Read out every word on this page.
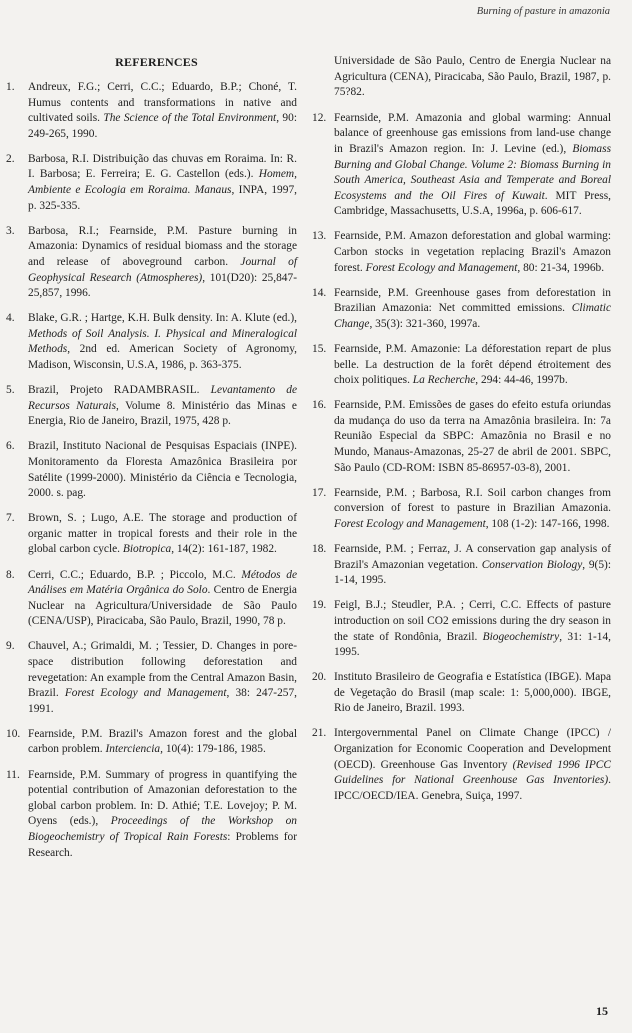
Burning of pasture in amazonia
REFERENCES
1.	Andreux, F.G.; Cerri, C.C.; Eduardo, B.P.; Choné, T. Humus contents and transformations in native and cultivated soils. The Science of the Total Environment, 90: 249-265, 1990.
2.	Barbosa, R.I. Distribuição das chuvas em Roraima. In: R. I. Barbosa; E. Ferreira; E. G. Castellon (eds.). Homem, Ambiente e Ecologia em Roraima. Manaus, INPA, 1997, p. 325-335.
3.	Barbosa, R.I.; Fearnside, P.M. Pasture burning in Amazonia: Dynamics of residual biomass and the storage and release of aboveground carbon. Journal of Geophysical Research (Atmospheres), 101(D20): 25,847-25,857, 1996.
4.	Blake, G.R. ; Hartge, K.H. Bulk density. In: A. Klute (ed.), Methods of Soil Analysis. I. Physical and Mineralogical Methods, 2nd ed. American Society of Agronomy, Madison, Wisconsin, U.S.A, 1986, p. 363-375.
5.	Brazil, Projeto RADAMBRASIL. Levantamento de Recursos Naturais, Volume 8. Ministério das Minas e Energia, Rio de Janeiro, Brazil, 1975, 428 p.
6.	Brazil, Instituto Nacional de Pesquisas Espaciais (INPE). Monitoramento da Floresta Amazônica Brasileira por Satélite (1999-2000). Ministério da Ciência e Tecnologia, 2000. s. pag.
7.	Brown, S. ; Lugo, A.E. The storage and production of organic matter in tropical forests and their role in the global carbon cycle. Biotropica, 14(2): 161-187, 1982.
8.	Cerri, C.C.; Eduardo, B.P. ; Piccolo, M.C. Métodos de Análises em Matéria Orgânica do Solo. Centro de Energia Nuclear na Agricultura/Universidade de São Paulo (CENA/USP), Piracicaba, São Paulo, Brazil, 1990, 78 p.
9.	Chauvel, A.; Grimaldi, M. ; Tessier, D. Changes in pore-space distribution following deforestation and revegetation: An example from the Central Amazon Basin, Brazil. Forest Ecology and Management, 38: 247-257, 1991.
10. Fearnside, P.M. Brazil's Amazon forest and the global carbon problem. Interciencia, 10(4): 179-186, 1985.
11. Fearnside, P.M. Summary of progress in quantifying the potential contribution of Amazonian deforestation to the global carbon problem. In: D. Athié; T.E. Lovejoy; P. M. Oyens (eds.), Proceedings of the Workshop on Biogeochemistry of Tropical Rain Forests: Problems for Research.
Universidade de São Paulo, Centro de Energia Nuclear na Agricultura (CENA), Piracicaba, São Paulo, Brazil, 1987, p. 75?82.
12. Fearnside, P.M. Amazonia and global warming: Annual balance of greenhouse gas emissions from land-use change in Brazil's Amazon region. In: J. Levine (ed.), Biomass Burning and Global Change. Volume 2: Biomass Burning in South America, Southeast Asia and Temperate and Boreal Ecosystems and the Oil Fires of Kuwait. MIT Press, Cambridge, Massachusetts, U.S.A, 1996a, p. 606-617.
13. Fearnside, P.M. Amazon deforestation and global warming: Carbon stocks in vegetation replacing Brazil's Amazon forest. Forest Ecology and Management, 80: 21-34, 1996b.
14. Fearnside, P.M. Greenhouse gases from deforestation in Brazilian Amazonia: Net committed emissions. Climatic Change, 35(3): 321-360, 1997a.
15. Fearnside, P.M. Amazonie: La déforestation repart de plus belle. La destruction de la forêt dépend étroitement des choix politiques. La Recherche, 294: 44-46, 1997b.
16. Fearnside, P.M. Emissões de gases do efeito estufa oriundas da mudança do uso da terra na Amazônia brasileira. In: 7a Reunião Especial da SBPC: Amazônia no Brasil e no Mundo, Manaus-Amazonas, 25-27 de abril de 2001. SBPC, São Paulo (CD-ROM: ISBN 85-86957-03-8), 2001.
17. Fearnside, P.M. ; Barbosa, R.I. Soil carbon changes from conversion of forest to pasture in Brazilian Amazonia. Forest Ecology and Management, 108 (1-2): 147-166, 1998.
18. Fearnside, P.M. ; Ferraz, J. A conservation gap analysis of Brazil's Amazonian vegetation. Conservation Biology, 9(5): 1-14, 1995.
19. Feigl, B.J.; Steudler, P.A. ; Cerri, C.C. Effects of pasture introduction on soil CO2 emissions during the dry season in the state of Rondônia, Brazil. Biogeochemistry, 31: 1-14, 1995.
20. Instituto Brasileiro de Geografia e Estatística (IBGE). Mapa de Vegetação do Brasil (map scale: 1: 5,000,000). IBGE, Rio de Janeiro, Brazil. 1993.
21. Intergovernmental Panel on Climate Change (IPCC) / Organization for Economic Cooperation and Development (OECD). Greenhouse Gas Inventory (Revised 1996 IPCC Guidelines for National Greenhouse Gas Inventories). IPCC/OECD/IEA. Genebra, Suiça, 1997.
15
